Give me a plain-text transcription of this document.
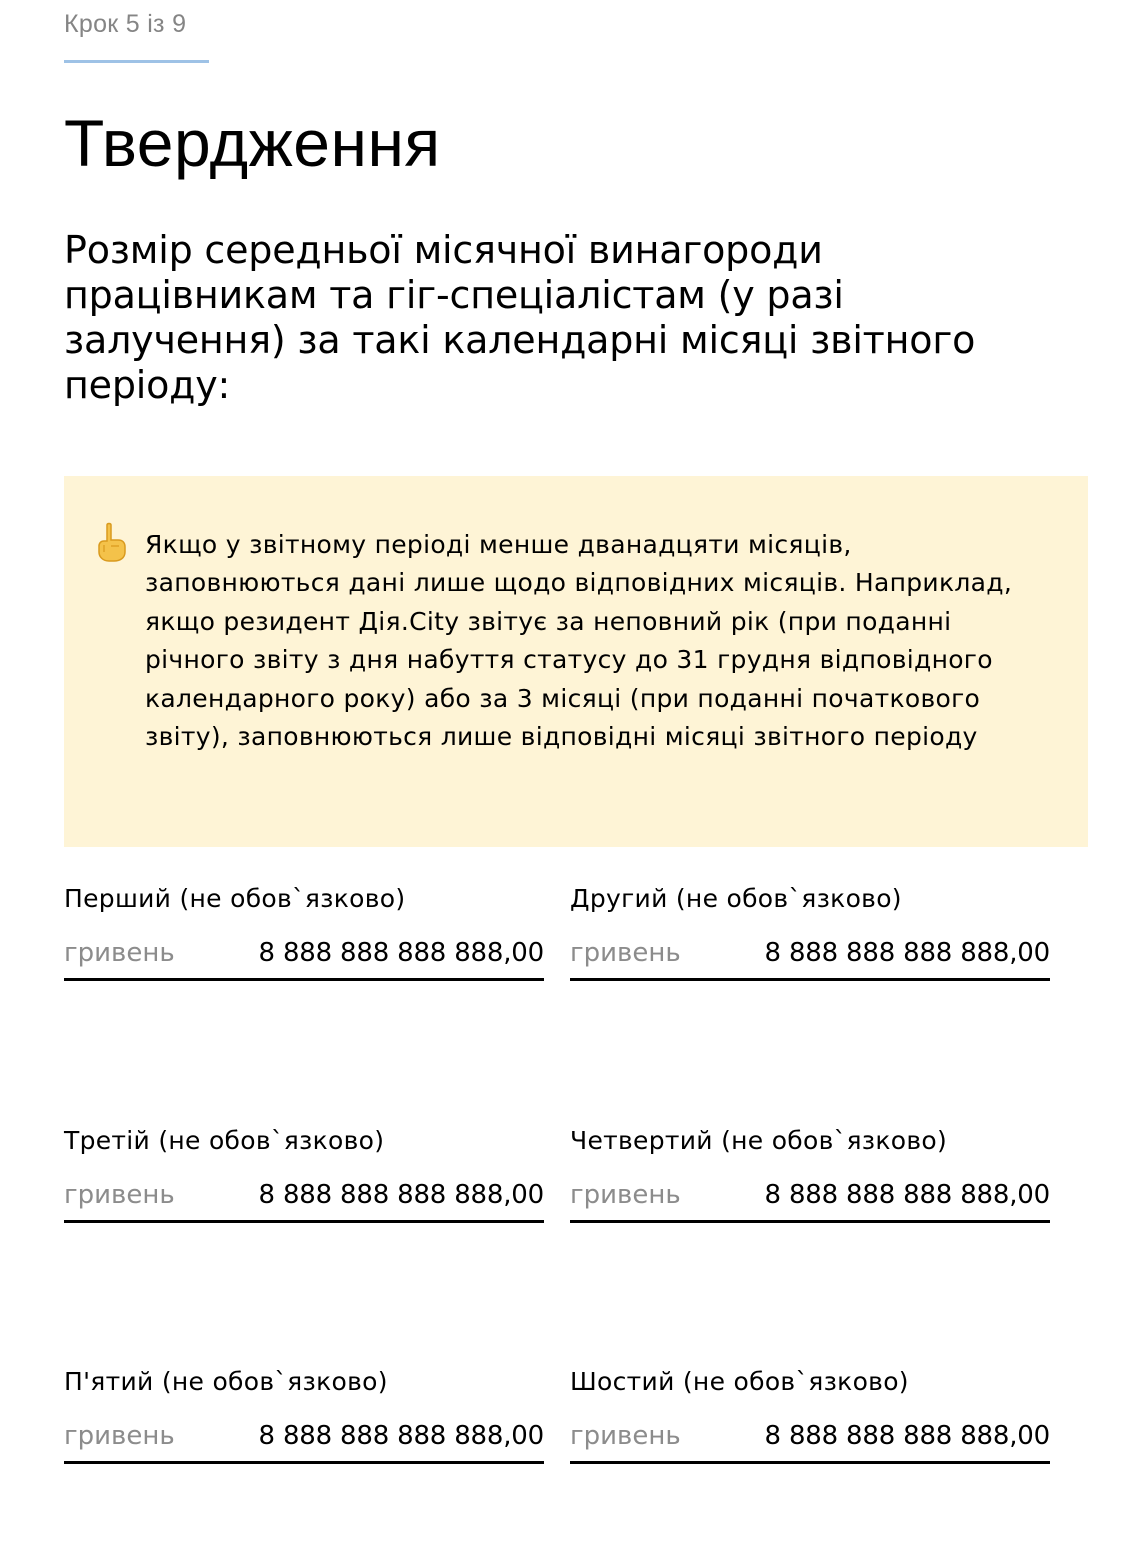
Крок 5 із 9
Твердження
Розмір середньої місячної винагороди працівникам та гіг-спеціалістам (у разі залучення) за такі календарні місяці звітного періоду:
Якщо у звітному періоді менше дванадцяти місяців, заповнюються дані лише щодо відповідних місяців. Наприклад, якщо резидент Дія.City звітує за неповний рік (при поданні річного звіту з дня набуття статусу до 31 грудня відповідного календарного року) або за 3 місяці (при поданні початкового звіту), заповнюються лише відповідні місяці звітного періоду
Перший (не обов`язково)
гривень	8 888 888 888 888,00
Другий (не обов`язково)
гривень	8 888 888 888 888,00
Третій (не обов`язково)
гривень	8 888 888 888 888,00
Четвертий (не обов`язково)
гривень	8 888 888 888 888,00
П'ятий (не обов`язково)
гривень	8 888 888 888 888,00
Шостий (не обов`язково)
гривень	8 888 888 888 888,00
